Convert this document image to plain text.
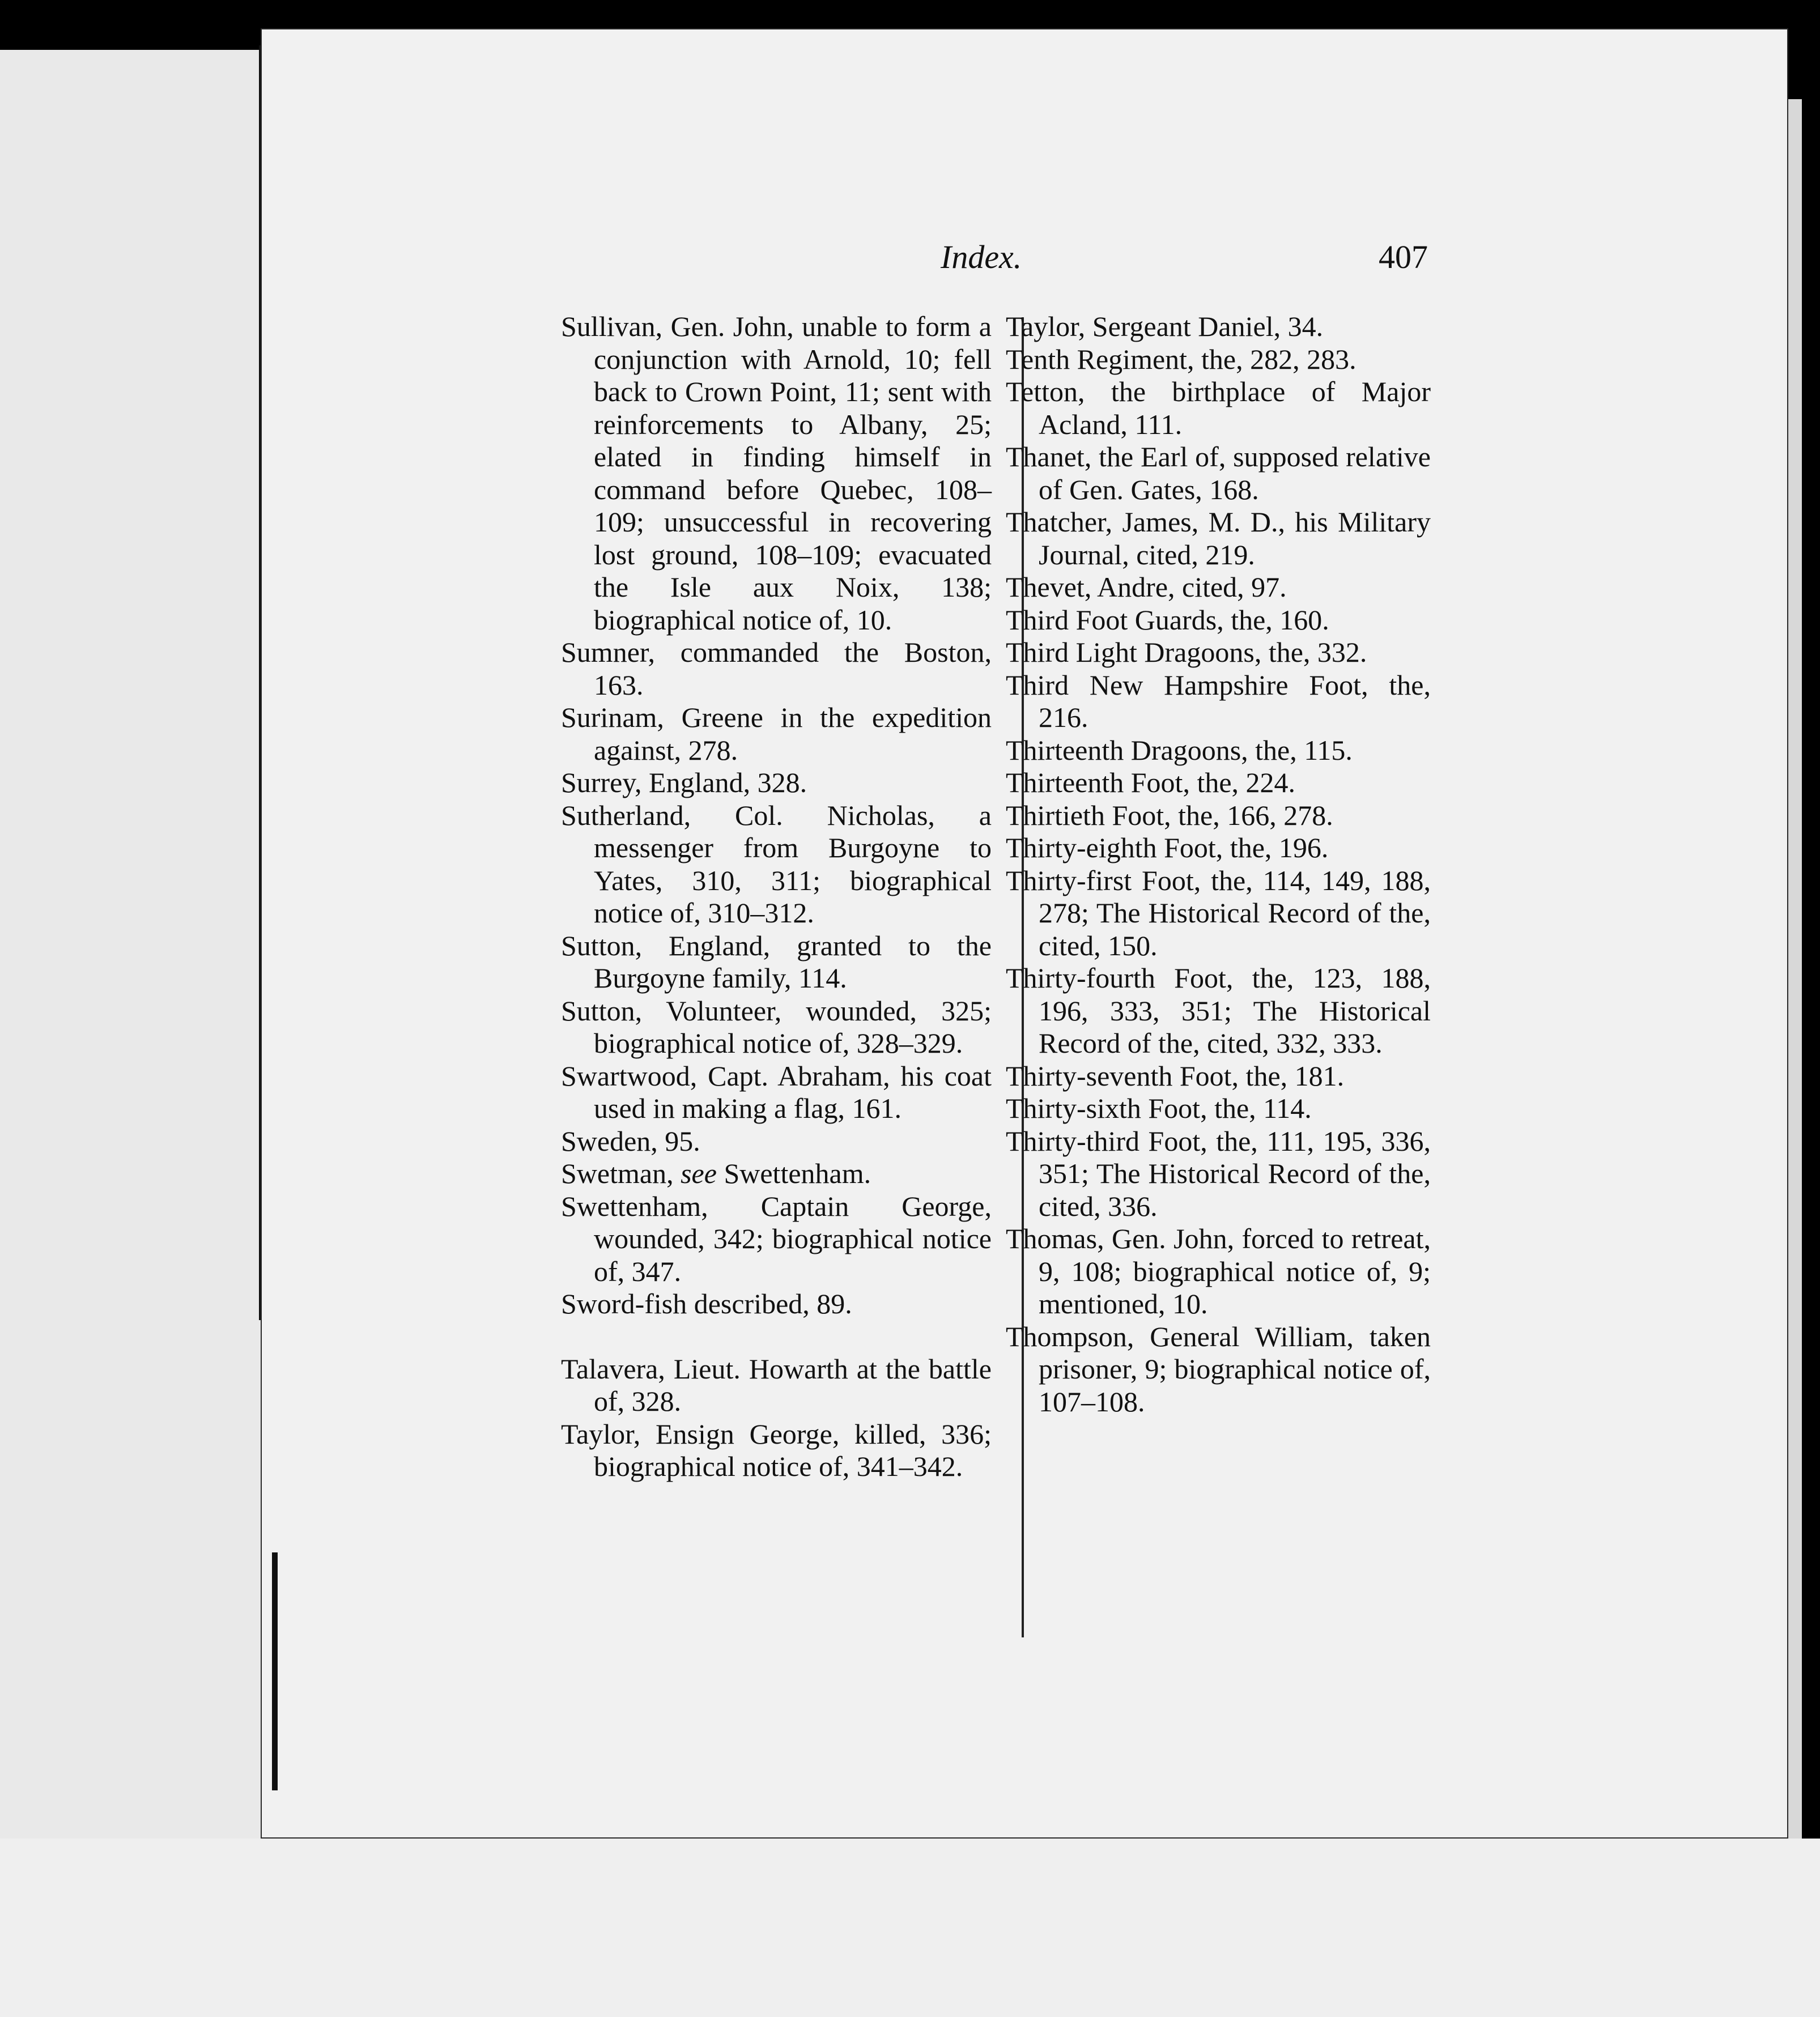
Index.	407

Sullivan, Gen. John, unable to form a conjunction with Arnold, 10; fell back to Crown Point, 11; sent with reinforcements to Albany, 25; elated in finding himself in command before Quebec, 108–109; unsuccessful in recovering lost ground, 108–109; evacuated the Isle aux Noix, 138; biographical notice of, 10.

Sumner, commanded the Boston, 163.

Surinam, Greene in the expedition against, 278.

Surrey, England, 328.

Sutherland, Col. Nicholas, a messenger from Burgoyne to Yates, 310, 311; biographical notice of, 310–312.

Sutton, England, granted to the Burgoyne family, 114.

Sutton, Volunteer, wounded, 325; biographical notice of, 328–329.

Swartwood, Capt. Abraham, his coat used in making a flag, 161.

Sweden, 95.

Swetman, see Swettenham.

Swettenham, Captain George, wounded, 342; biographical notice of, 347.

Sword-fish described, 89.

Talavera, Lieut. Howarth at the battle of, 328.

Taylor, Ensign George, killed, 336; biographical notice of, 341–342.

Taylor, Sergeant Daniel, 34.

Tenth Regiment, the, 282, 283.

Tetton, the birthplace of Major Acland, 111.

Thanet, the Earl of, supposed relative of Gen. Gates, 168.

Thatcher, James, M. D., his Military Journal, cited, 219.

Thevet, Andre, cited, 97.

Third Foot Guards, the, 160.

Third Light Dragoons, the, 332.

Third New Hampshire Foot, the, 216.

Thirteenth Dragoons, the, 115.

Thirteenth Foot, the, 224.

Thirtieth Foot, the, 166, 278.

Thirty-eighth Foot, the, 196.

Thirty-first Foot, the, 114, 149, 188, 278; The Historical Record of the, cited, 150.

Thirty-fourth Foot, the, 123, 188, 196, 333, 351; The Historical Record of the, cited, 332, 333.

Thirty-seventh Foot, the, 181.

Thirty-sixth Foot, the, 114.

Thirty-third Foot, the, 111, 195, 336, 351; The Historical Record of the, cited, 336.

Thomas, Gen. John, forced to retreat, 9, 108; biographical notice of, 9; mentioned, 10.

Thompson, General William, taken prisoner, 9; biographical notice of, 107–108.
